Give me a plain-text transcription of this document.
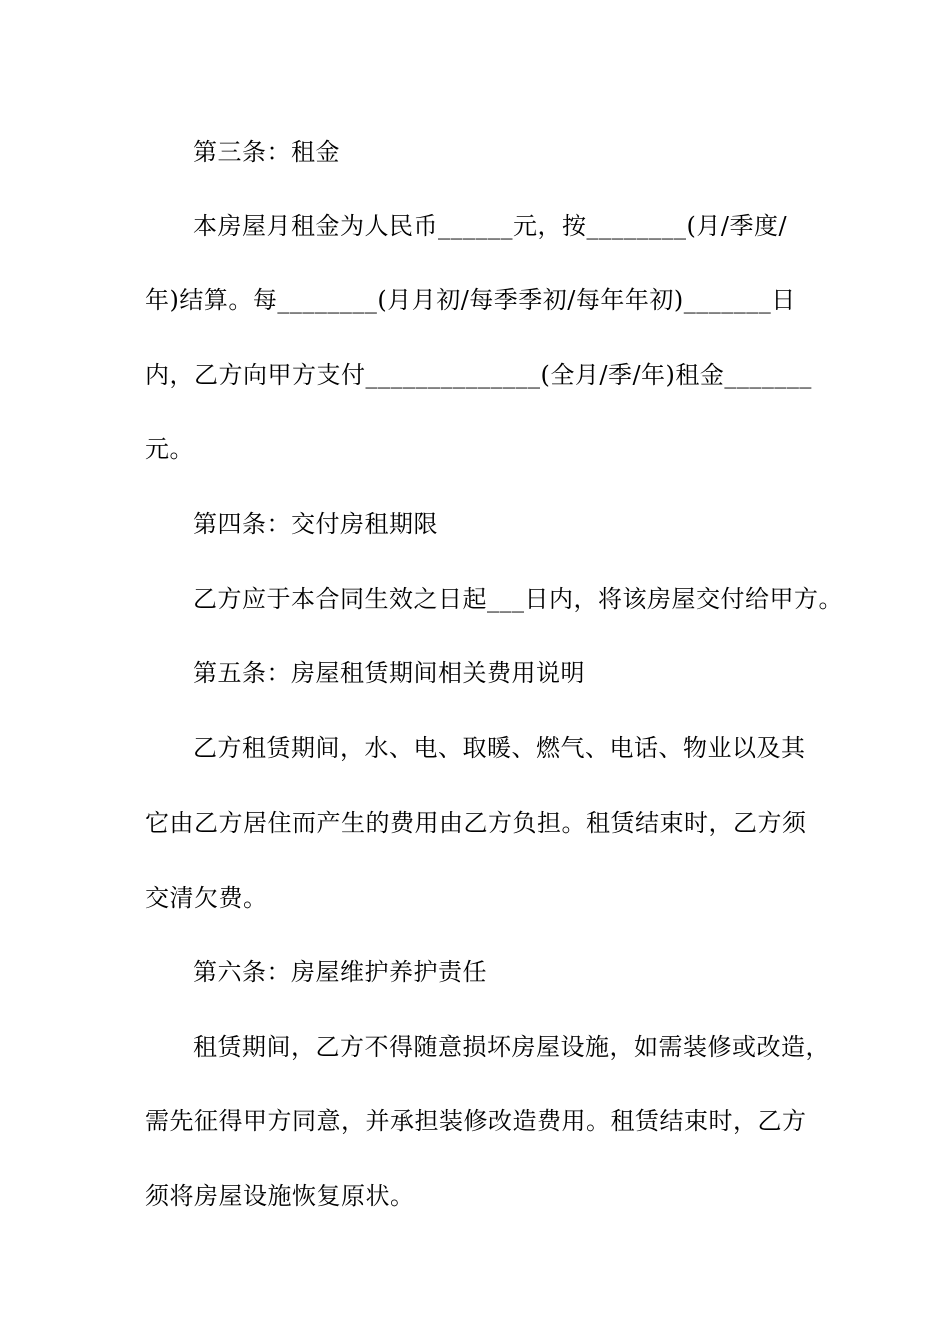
第三条：租金
本房屋月租金为人民币______元，按________(月/季度/
年)结算。每________(月月初/每季季初/每年年初)_______日
内，乙方向甲方支付______________(全月/季/年)租金_______
元。
第四条：交付房租期限
乙方应于本合同生效之日起___日内，将该房屋交付给甲方。
第五条：房屋租赁期间相关费用说明
乙方租赁期间，水、电、取暖、燃气、电话、物业以及其
它由乙方居住而产生的费用由乙方负担。租赁结束时，乙方须
交清欠费。
第六条：房屋维护养护责任
租赁期间，乙方不得随意损坏房屋设施，如需装修或改造，
需先征得甲方同意，并承担装修改造费用。租赁结束时，乙方
须将房屋设施恢复原状。
